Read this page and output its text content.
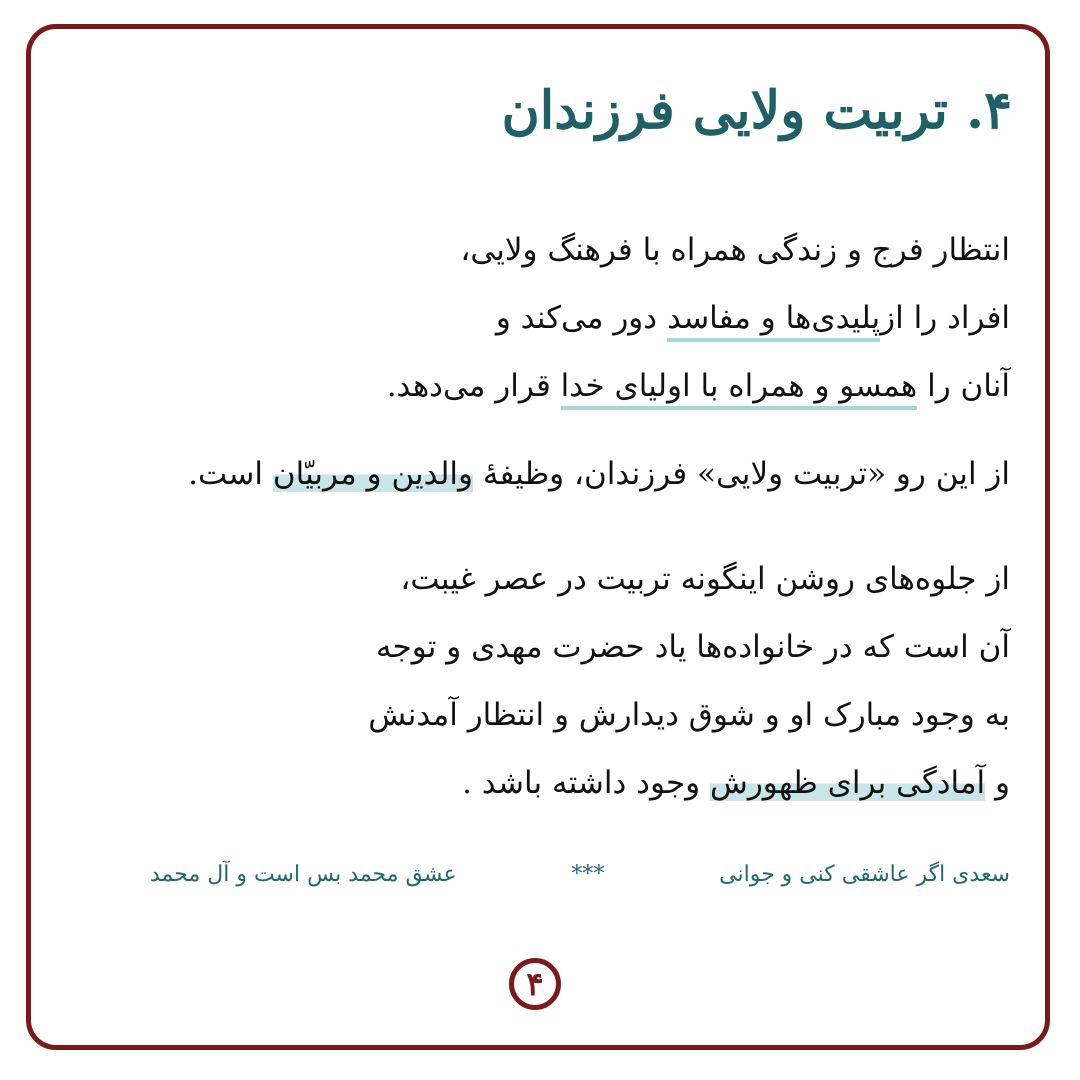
۴. تربیت ولایی فرزندان
انتظار فرج و زندگی همراه با فرهنگ ولایی،
افراد را ازپلیدی‌ها و مفاسد دور می‌کند و
آنان را همسو و همراه با اولیای خدا قرار می‌دهد.
از این رو «تربیت ولایی» فرزندان، وظیفهٔ والدین و مربیّان است.
از جلوه‌های روشن اینگونه تربیت در عصر غیبت،
آن است که در خانواده‌ها یاد حضرت مهدی و توجه
به وجود مبارک او و شوق دیدارش و انتظار آمدنش
و آمادگی برای ظهورش وجود داشته باشد .
سعدی اگر عاشقی کنی و جوانی
***
عشق محمد بس است و آل محمد
۴
